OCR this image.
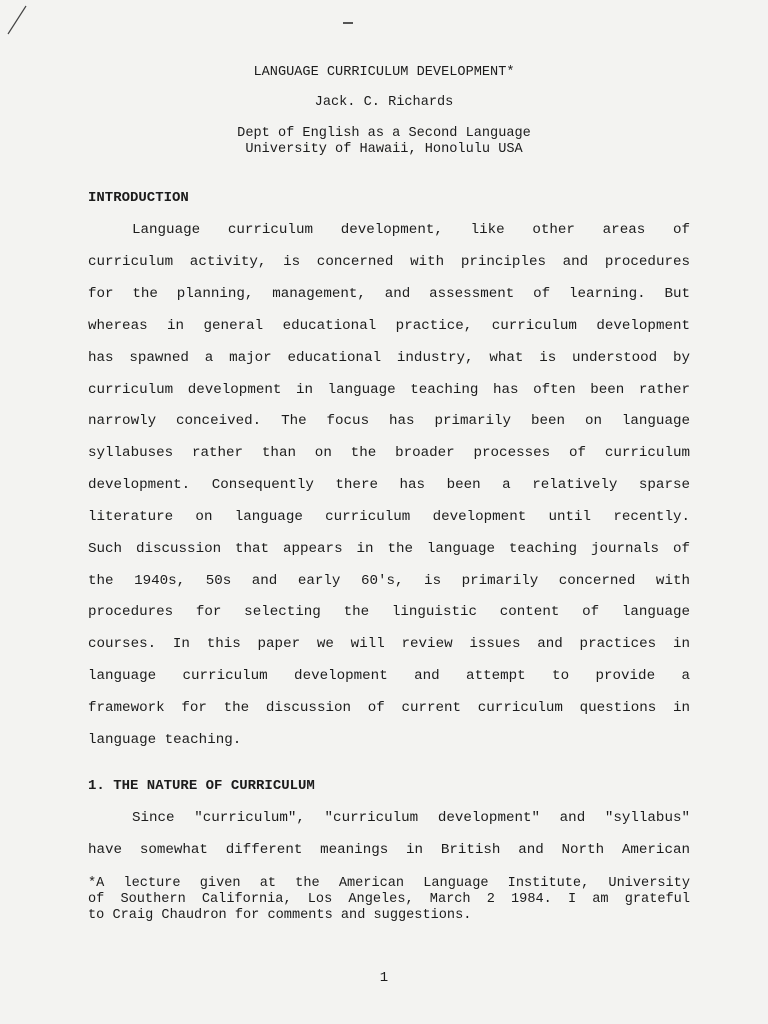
LANGUAGE CURRICULUM DEVELOPMENT*
Jack. C. Richards
Dept of English as a Second Language
University of Hawaii, Honolulu USA
INTRODUCTION
Language curriculum development, like other areas of
curriculum activity, is concerned with principles and procedures
for the planning, management, and assessment of learning. But
whereas in general educational practice, curriculum development
has spawned a major educational industry, what is understood by
curriculum development in language teaching has often been rather
narrowly conceived. The focus has primarily been on language
syllabuses rather than on the broader processes of curriculum
development. Consequently there has been a relatively sparse
literature on language curriculum development until recently.
Such discussion that appears in the language teaching journals of
the 1940s, 50s and early 60's, is primarily concerned with
procedures for selecting the linguistic content of language
courses. In this paper we will review issues and practices in
language curriculum development and attempt to provide a
framework for the discussion of current curriculum questions in
language teaching.
1. THE NATURE OF CURRICULUM
Since "curriculum", "curriculum development" and "syllabus"
have somewhat different meanings in British and North American
*A lecture given at the American Language Institute, University
of Southern California, Los Angeles, March 2 1984. I am grateful
to Craig Chaudron for comments and suggestions.
1
